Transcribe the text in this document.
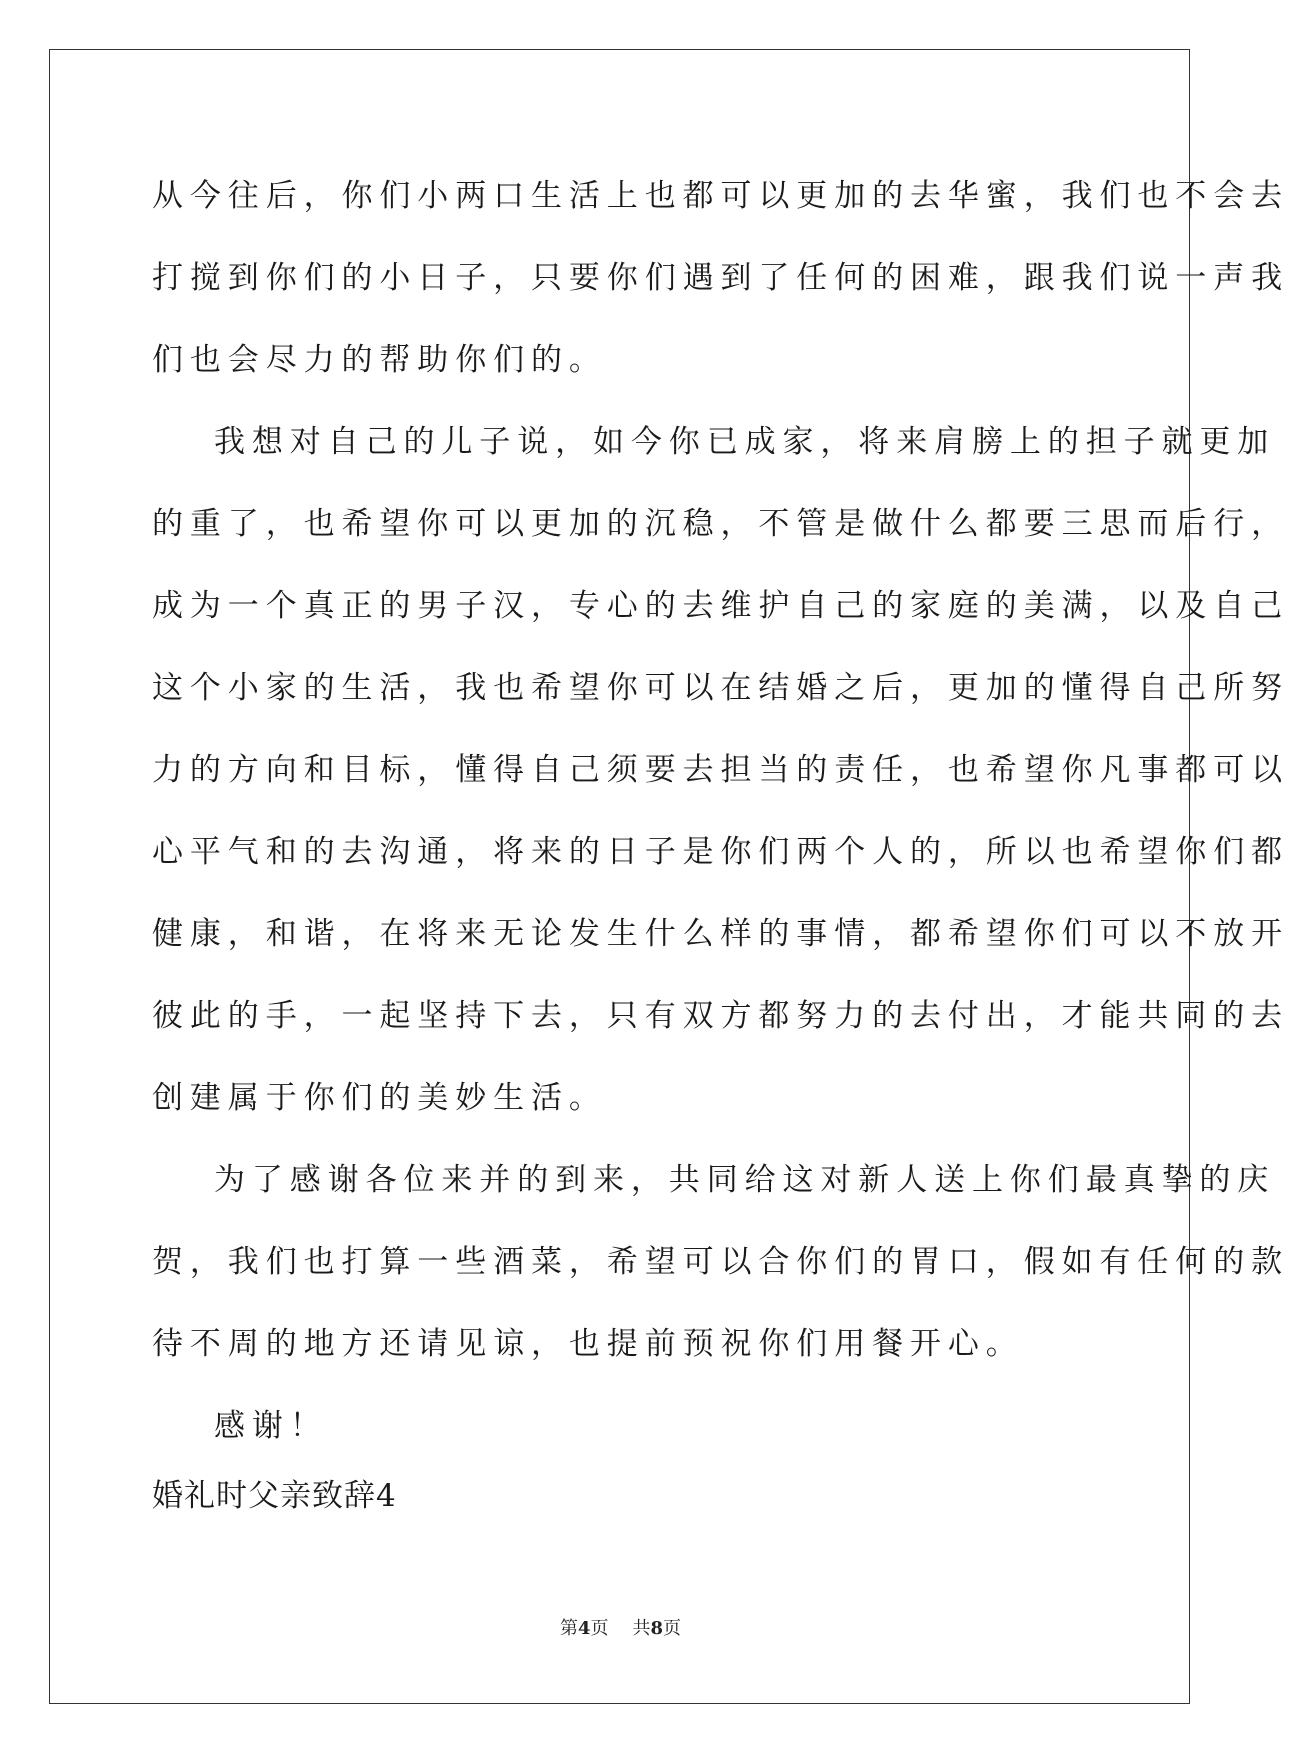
从今往后，你们小两口生活上也都可以更加的去华蜜，我们也不会去
打搅到你们的小日子，只要你们遇到了任何的困难，跟我们说一声我
们也会尽力的帮助你们的。
我想对自己的儿子说，如今你已成家，将来肩膀上的担子就更加
的重了，也希望你可以更加的沉稳，不管是做什么都要三思而后行，
成为一个真正的男子汉，专心的去维护自己的家庭的美满，以及自己
这个小家的生活，我也希望你可以在结婚之后，更加的懂得自己所努
力的方向和目标，懂得自己须要去担当的责任，也希望你凡事都可以
心平气和的去沟通，将来的日子是你们两个人的，所以也希望你们都
健康，和谐，在将来无论发生什么样的事情，都希望你们可以不放开
彼此的手，一起坚持下去，只有双方都努力的去付出，才能共同的去
创建属于你们的美妙生活。
为了感谢各位来并的到来，共同给这对新人送上你们最真挚的庆
贺，我们也打算一些酒菜，希望可以合你们的胃口，假如有任何的款
待不周的地方还请见谅，也提前预祝你们用餐开心。
感谢！
婚礼时父亲致辞4
第4页 共8页
